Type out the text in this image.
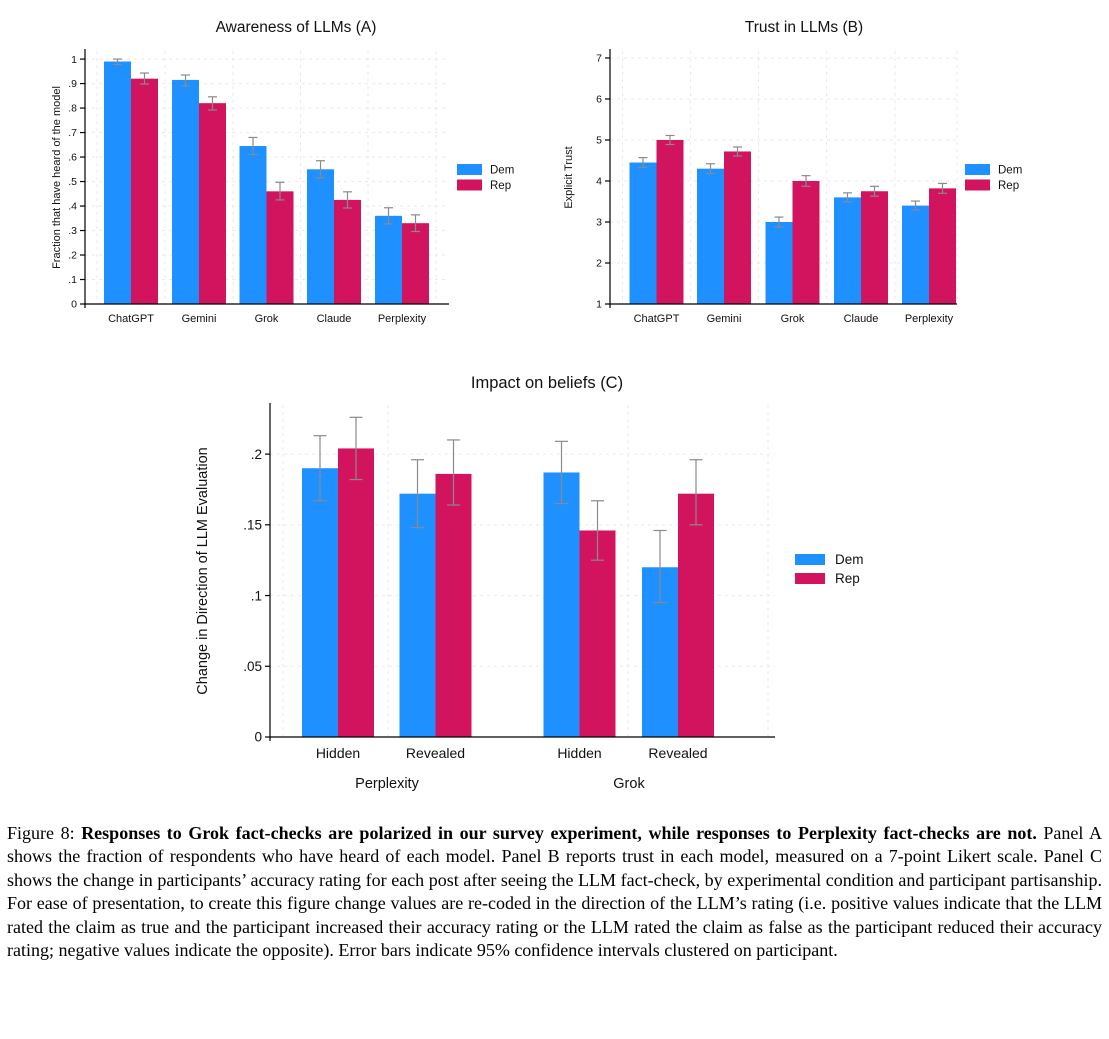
0
.1
.2
.3
.4
.5
.6
.7
.8
.9
1
ChatGPT	Gemini	Grok	Claude Perplexity
Fraction that have heard of the model
Awareness of LLMs (A)
Dem
Rep
1
2
3
4
5
6
7
ChatGPT Gemini	Grok	Claude Perplexity
Explicit Trust
Trust in LLMs (B)
Dem
Rep
0
.05
.1
.15
.2
Hidden	Revealed	Hidden	Revealed
Perplexity	Grok
Change in Direction of LLM Evaluation
Impact on beliefs (C)
Dem
Rep

Figure 8: Responses to Grok fact-checks are polarized in our survey experiment, while responses to Perplexity fact-checks are not. Panel A shows the fraction of respondents who have heard of each model. Panel B reports trust in each model, measured on a 7-point Likert scale. Panel C shows the change in participants’ accuracy rating for each post after seeing the LLM fact-check, by experimental condition and participant partisanship. For ease of presentation, to create this figure change values are re-coded in the direction of the LLM’s rating (i.e. positive values indicate that the LLM rated the claim as true and the participant increased their accuracy rating or the LLM rated the claim as false as the participant reduced their accuracy rating; negative values indicate the opposite). Error bars indicate 95% confidence intervals clustered on participant.
